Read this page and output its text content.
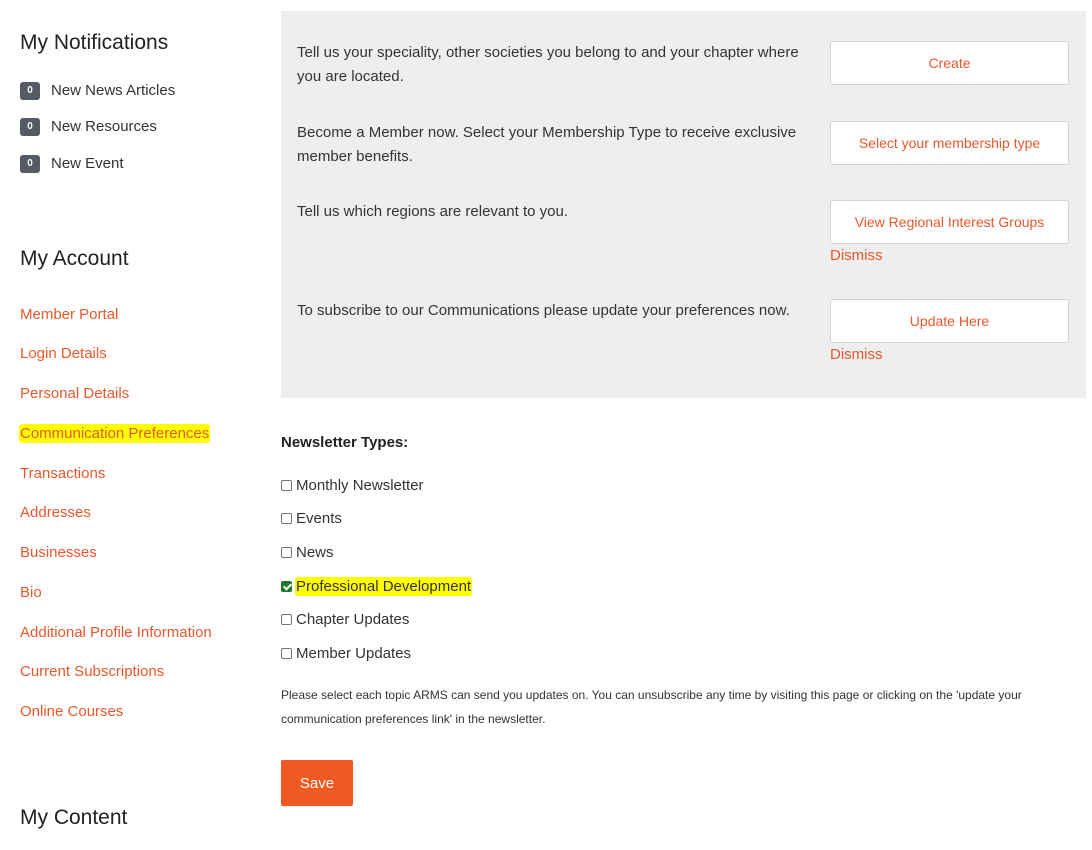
My Notifications
0	New News Articles
0	New Resources
0	New Event
My Account
Member Portal
Login Details
Personal Details
Communication Preferences
Transactions
Addresses
Businesses
Bio
Additional Profile Information
Current Subscriptions
Online Courses
My Content

Tell us your speciality, other societies you belong to and your chapter where you are located.

Create

Become a Member now. Select your Membership Type to receive exclusive member benefits.

Select your membership type

Tell us which regions are relevant to you.

View Regional Interest Groups
Dismiss

To subscribe to our Communications please update your preferences now.

Update Here
Dismiss
Newsletter Types:
Monthly Newsletter
Events
News
Professional Development
Chapter Updates
Member Updates

Please select each topic ARMS can send you updates on. You can unsubscribe any time by visiting this page or clicking on the 'update your communication preferences link' in the newsletter.

Save
